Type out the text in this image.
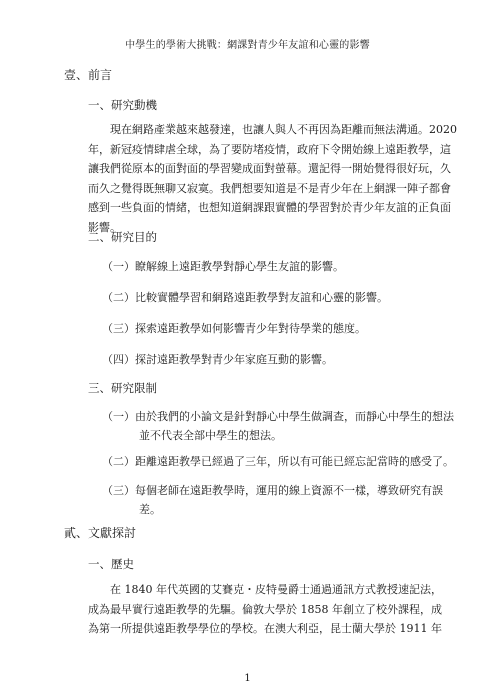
中學生的學術大挑戰：網課對青少年友誼和心靈的影響
壹、前言
一、研究動機
現在網路產業越來越發達，也讓人與人不再因為距離而無法溝通。2020
年，新冠疫情肆虐全球，為了要防堵疫情，政府下令開始線上遠距教學，這
讓我們從原本的面對面的學習變成面對螢幕。還記得一開始覺得很好玩，久
而久之覺得既無聊又寂寞。我們想要知道是不是青少年在上網課一陣子都會
感到一些負面的情緒，也想知道網課跟實體的學習對於青少年友誼的正負面
影響。
二、研究目的
（一）瞭解線上遠距教學對靜心學生友誼的影響。
（二）比較實體學習和網路遠距教學對友誼和心靈的影響。
（三）探索遠距教學如何影響青少年對待學業的態度。
（四）探討遠距教學對青少年家庭互動的影響。
三、研究限制
（一）由於我們的小論文是針對靜心中學生做調查，而靜心中學生的想法
並不代表全部中學生的想法。
（二）距離遠距教學已經過了三年，所以有可能已經忘記當時的感受了。
（三）每個老師在遠距教學時，運用的線上資源不一樣，導致研究有誤
差。
貳、文獻探討
一、歷史
在 1840 年代英國的艾賽克・皮特曼爵士通過通訊方式教授速記法，
成為最早實行遠距教學的先驅。倫敦大學於 1858 年創立了校外課程，成
為第一所提供遠距教學學位的學校。在澳大利亞，昆士蘭大學於 1911 年
1
